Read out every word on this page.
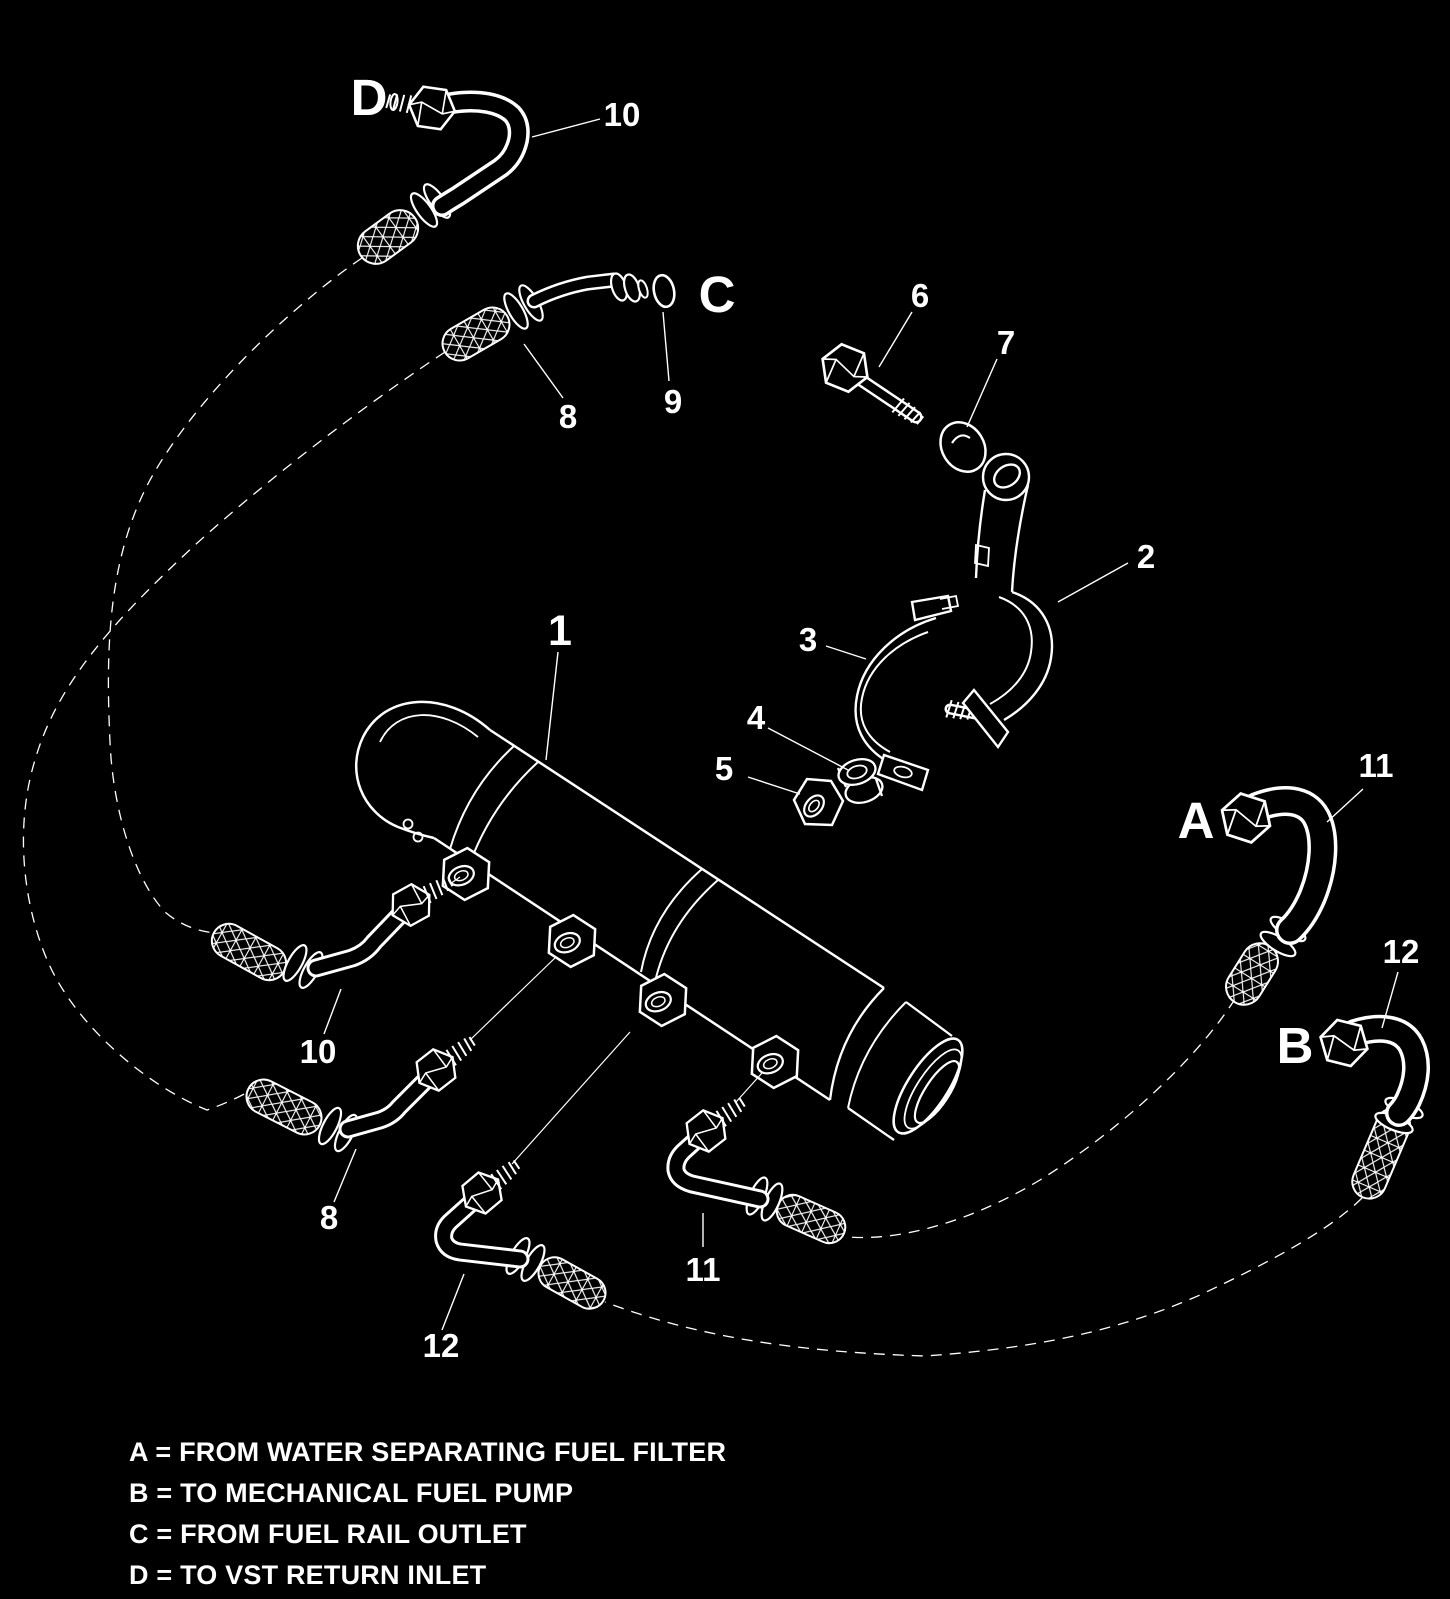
1
2
3
4
5
6
7
8	9
10
11
12
10
8
11
12
A
B
C
D
A = FROM WATER SEPARATING FUEL FILTER
B = TO MECHANICAL FUEL PUMP
C = FROM FUEL RAIL OUTLET
D = TO VST RETURN INLET
